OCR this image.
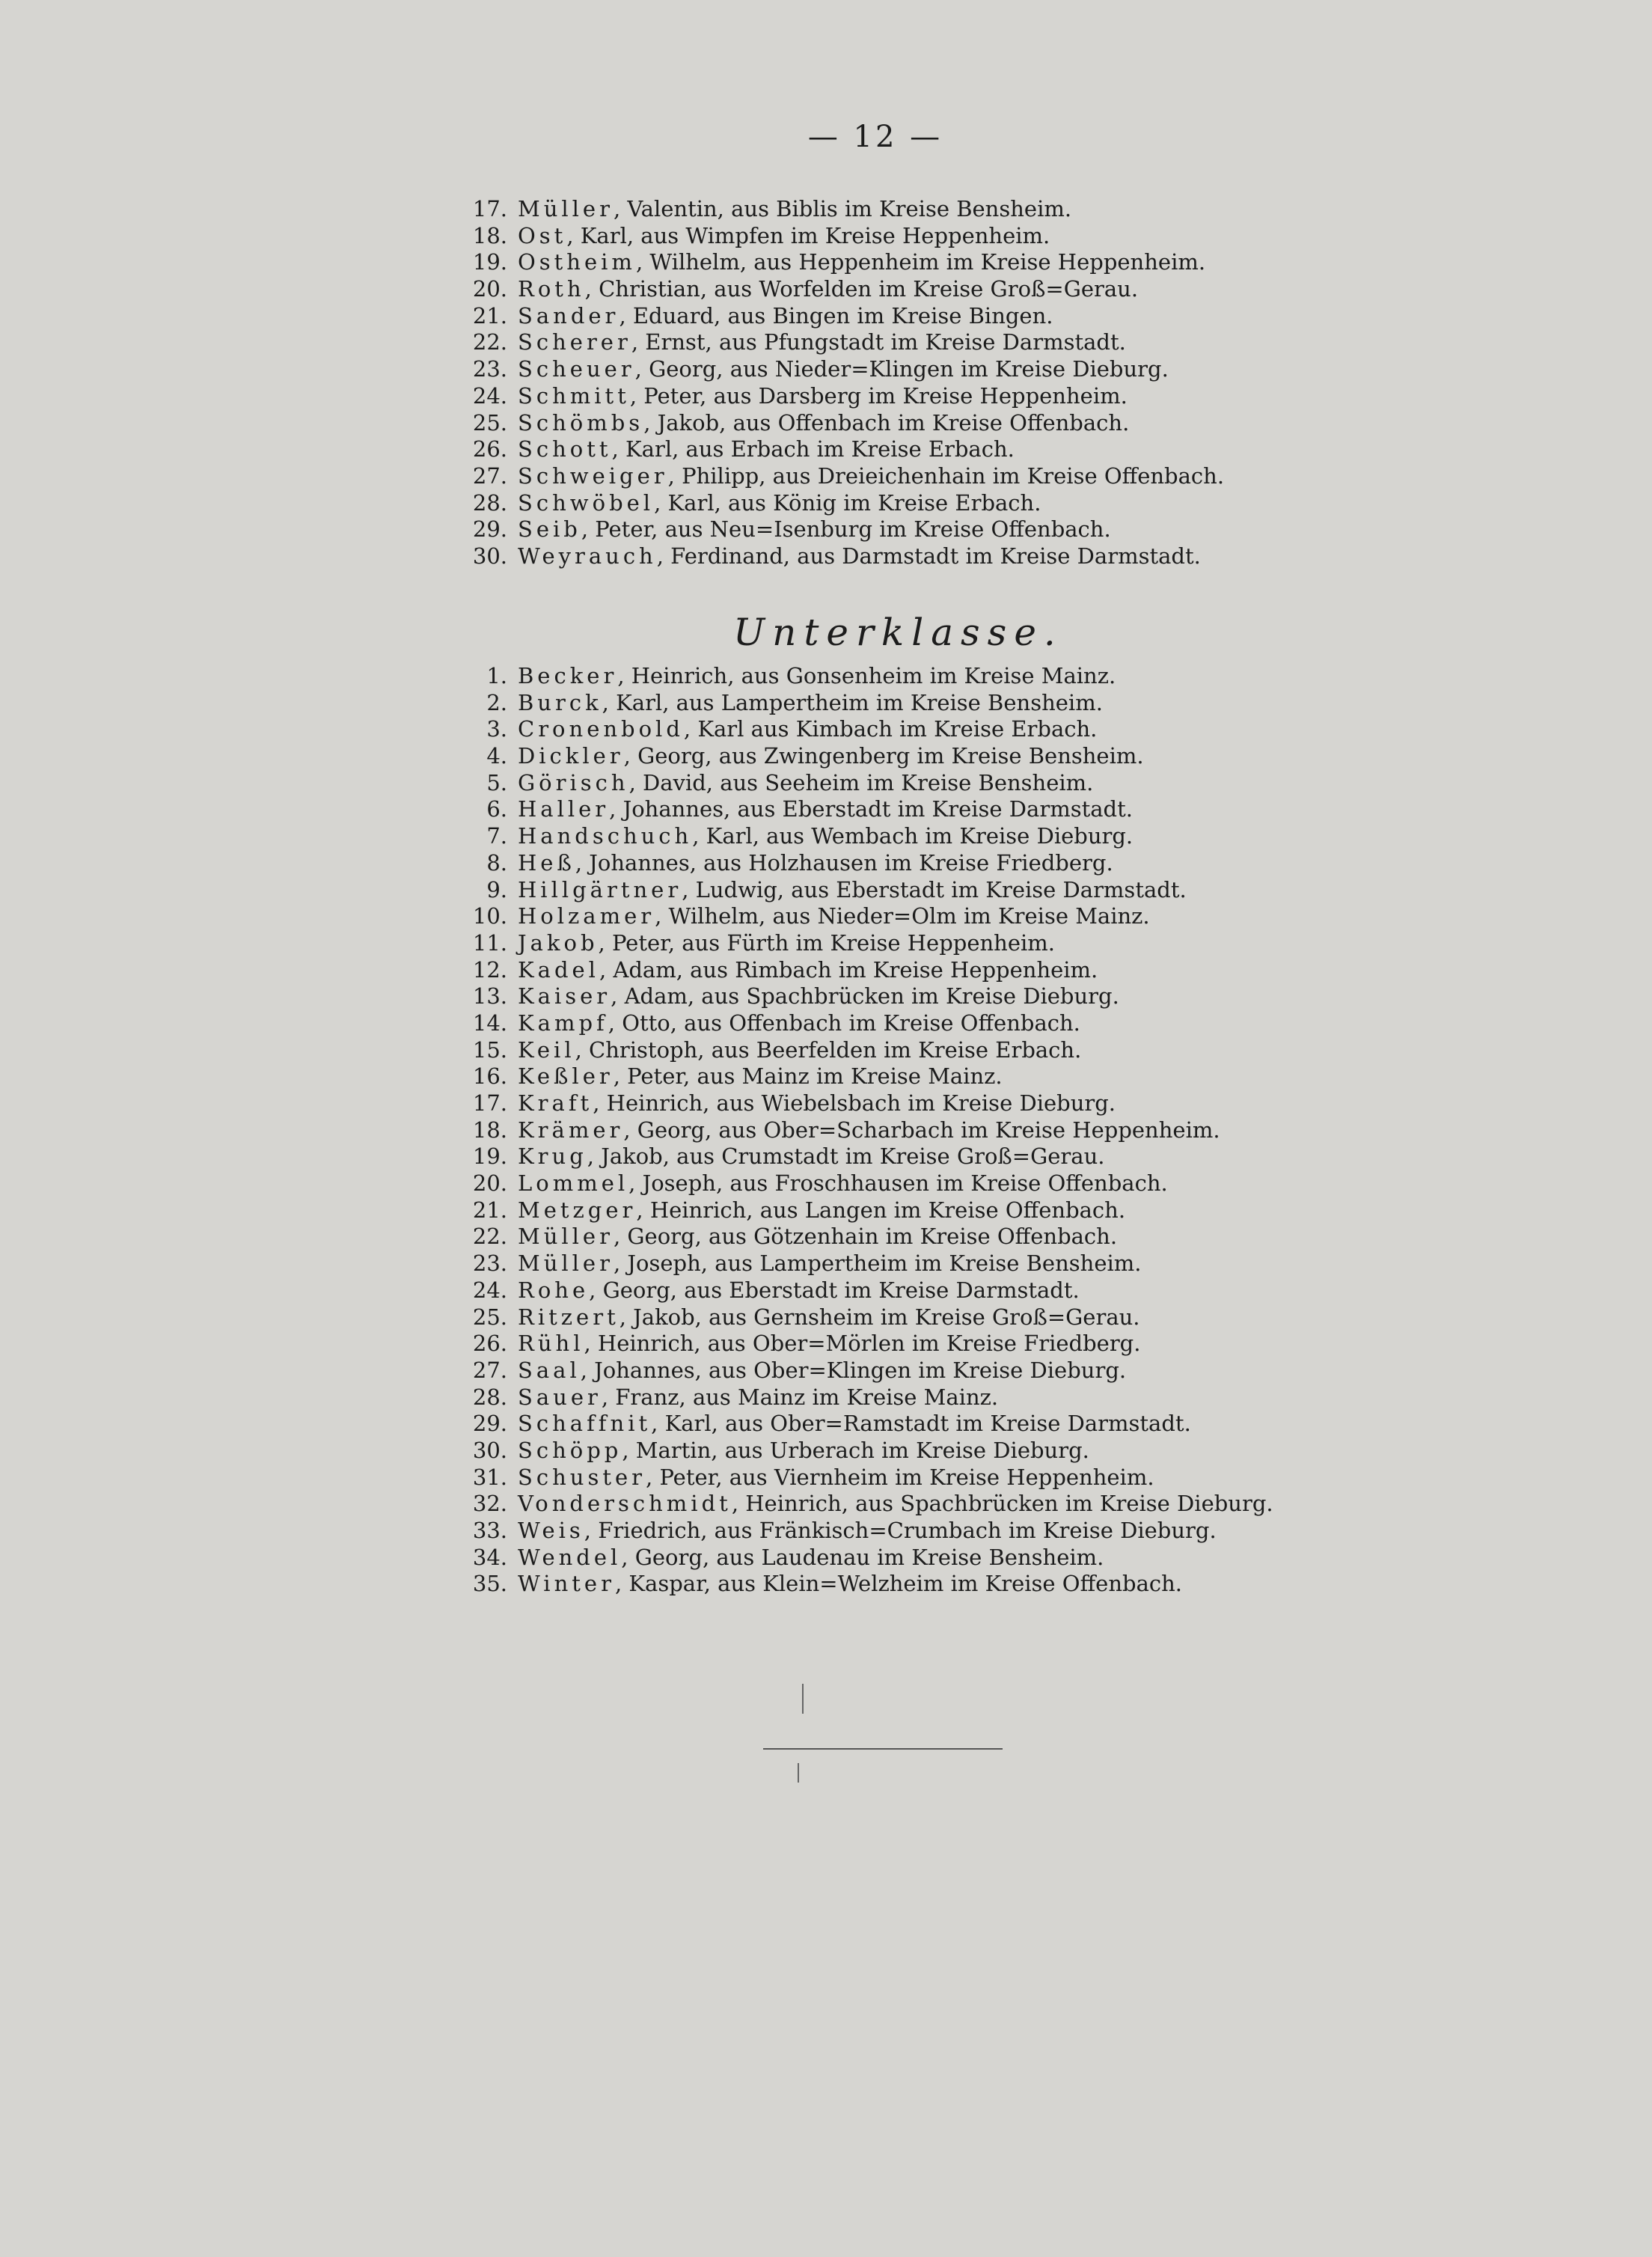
— 12 —
17. Müller , Valentin, aus Biblis im Kreise Bensheim.
18. Ost , Karl, aus Wimpfen im Kreise Heppenheim.
19. Ostheim , Wilhelm, aus Heppenheim im Kreise Heppenheim.
20. Roth , Christian, aus Worfelden im Kreise Groß=Gerau.
21. Sander , Eduard, aus Bingen im Kreise Bingen.
22. Scherer , Ernst, aus Pfungstadt im Kreise Darmstadt.
23. Scheuer , Georg, aus Nieder=Klingen im Kreise Dieburg.
24. Schmitt , Peter, aus Darsberg im Kreise Heppenheim.
25. Schömbs , Jakob, aus Offenbach im Kreise Offenbach.
26. Schott , Karl, aus Erbach im Kreise Erbach.
27. Schweiger , Philipp, aus Dreieichenhain im Kreise Offenbach.
28. Schwöbel , Karl, aus König im Kreise Erbach.
29. Seib , Peter, aus Neu=Isenburg im Kreise Offenbach.
30. Weyrauch , Ferdinand, aus Darmstadt im Kreise Darmstadt.
Unterklasse.
1. Becker , Heinrich, aus Gonsenheim im Kreise Mainz.
2. Burck , Karl, aus Lampertheim im Kreise Bensheim.
3. Cronenbold , Karl aus Kimbach im Kreise Erbach.
4. Dickler , Georg, aus Zwingenberg im Kreise Bensheim.
5. Görisch , David, aus Seeheim im Kreise Bensheim.
6. Haller , Johannes, aus Eberstadt im Kreise Darmstadt.
7. Handschuch , Karl, aus Wembach im Kreise Dieburg.
8. Heß , Johannes, aus Holzhausen im Kreise Friedberg.
9. Hillgärtner , Ludwig, aus Eberstadt im Kreise Darmstadt.
10. Holzamer , Wilhelm, aus Nieder=Olm im Kreise Mainz.
11. Jakob , Peter, aus Fürth im Kreise Heppenheim.
12. Kadel , Adam, aus Rimbach im Kreise Heppenheim.
13. Kaiser , Adam, aus Spachbrücken im Kreise Dieburg.
14. Kampf , Otto, aus Offenbach im Kreise Offenbach.
15. Keil , Christoph, aus Beerfelden im Kreise Erbach.
16. Keßler , Peter, aus Mainz im Kreise Mainz.
17. Kraft , Heinrich, aus Wiebelsbach im Kreise Dieburg.
18. Krämer , Georg, aus Ober=Scharbach im Kreise Heppenheim.
19. Krug , Jakob, aus Crumstadt im Kreise Groß=Gerau.
20. Lommel , Joseph, aus Froschhausen im Kreise Offenbach.
21. Metzger , Heinrich, aus Langen im Kreise Offenbach.
22. Müller , Georg, aus Götzenhain im Kreise Offenbach.
23. Müller , Joseph, aus Lampertheim im Kreise Bensheim.
24. Rohe , Georg, aus Eberstadt im Kreise Darmstadt.
25. Ritzert , Jakob, aus Gernsheim im Kreise Groß=Gerau.
26. Rühl , Heinrich, aus Ober=Mörlen im Kreise Friedberg.
27. Saal , Johannes, aus Ober=Klingen im Kreise Dieburg.
28. Sauer , Franz, aus Mainz im Kreise Mainz.
29. Schaffnit , Karl, aus Ober=Ramstadt im Kreise Darmstadt.
30. Schöpp , Martin, aus Urberach im Kreise Dieburg.
31. Schuster , Peter, aus Viernheim im Kreise Heppenheim.
32. Vonderschmidt , Heinrich, aus Spachbrücken im Kreise Dieburg.
33. Weis , Friedrich, aus Fränkisch=Crumbach im Kreise Dieburg.
34. Wendel , Georg, aus Laudenau im Kreise Bensheim.
35. Winter , Kaspar, aus Klein=Welzheim im Kreise Offenbach.
